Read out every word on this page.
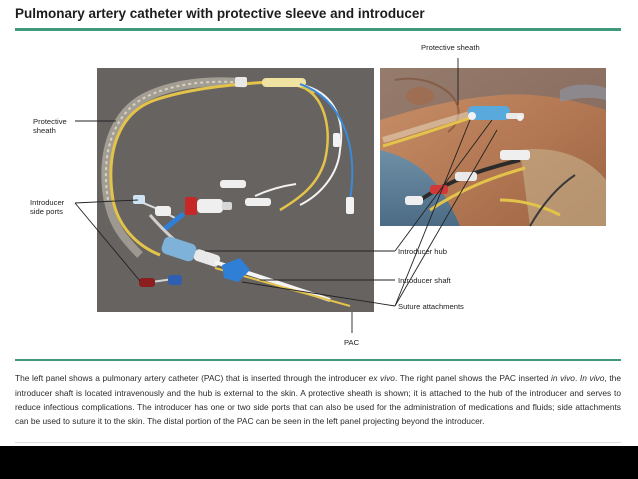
Pulmonary artery catheter with protective sleeve and introducer
Protective
sheath
Introducer
side ports
Protective sheath
Introducer hub
Introducer shaft
Suture attachments
PAC

The left panel shows a pulmonary artery catheter (PAC) that is inserted through the introducer ex vivo. The right panel shows the PAC inserted in vivo. In vivo, the introducer shaft is located intravenously and the hub is external to the skin. A protective sheath is shown; it is attached to the hub of the introducer and serves to reduce infectious complications. The introducer has one or two side ports that can also be used for the administration of medications and fluids; side attachments can be used to suture it to the skin. The distal portion of the PAC can be seen in the left panel projecting beyond the introducer.
